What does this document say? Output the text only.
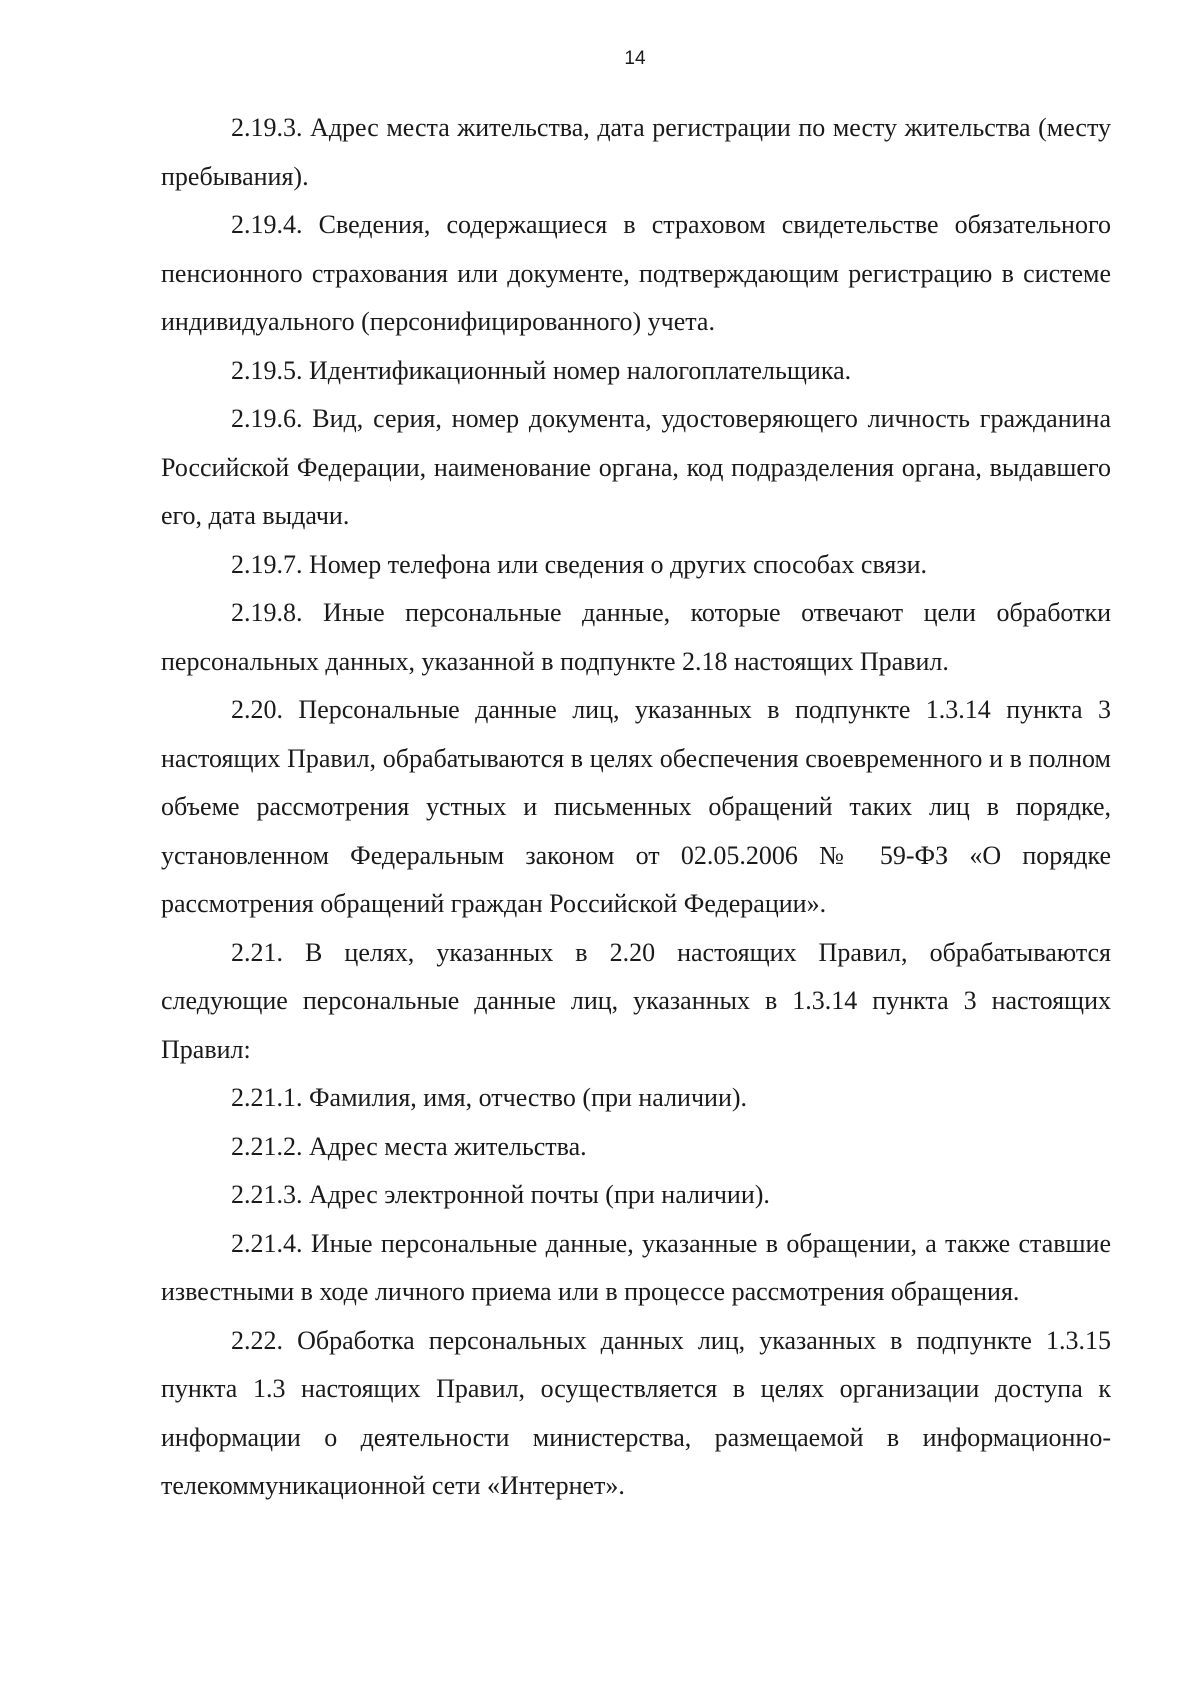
14

2.19.3. Адрес места жительства, дата регистрации по месту жительства (месту пребывания).

2.19.4. Сведения, содержащиеся в страховом свидетельстве обязательного пенсионного страхования или документе, подтверждающим регистрацию в системе индивидуального (персонифицированного) учета.

2.19.5. Идентификационный номер налогоплательщика.

2.19.6. Вид, серия, номер документа, удостоверяющего личность гражданина Российской Федерации, наименование органа, код подразделения органа, выдавшего его, дата выдачи.

2.19.7. Номер телефона или сведения о других способах связи.

2.19.8. Иные персональные данные, которые отвечают цели обработки персональных данных, указанной в подпункте 2.18 настоящих Правил.

2.20. Персональные данные лиц, указанных в подпункте 1.3.14 пункта 3 настоящих Правил, обрабатываются в целях обеспечения своевременного и в полном объеме рассмотрения устных и письменных обращений таких лиц в порядке, установленном Федеральным законом от 02.05.2006 № 59-ФЗ «О порядке рассмотрения обращений граждан Российской Федерации».

2.21. В целях, указанных в 2.20 настоящих Правил, обрабатываются следующие персональные данные лиц, указанных в 1.3.14 пункта 3 настоящих Правил:

2.21.1. Фамилия, имя, отчество (при наличии).

2.21.2. Адрес места жительства.

2.21.3. Адрес электронной почты (при наличии).

2.21.4. Иные персональные данные, указанные в обращении, а также ставшие известными в ходе личного приема или в процессе рассмотрения обращения.

2.22. Обработка персональных данных лиц, указанных в подпункте 1.3.15 пункта 1.3 настоящих Правил, осуществляется в целях организации доступа к информации о деятельности министерства, размещаемой в информационно-телекоммуникационной сети «Интернет».
